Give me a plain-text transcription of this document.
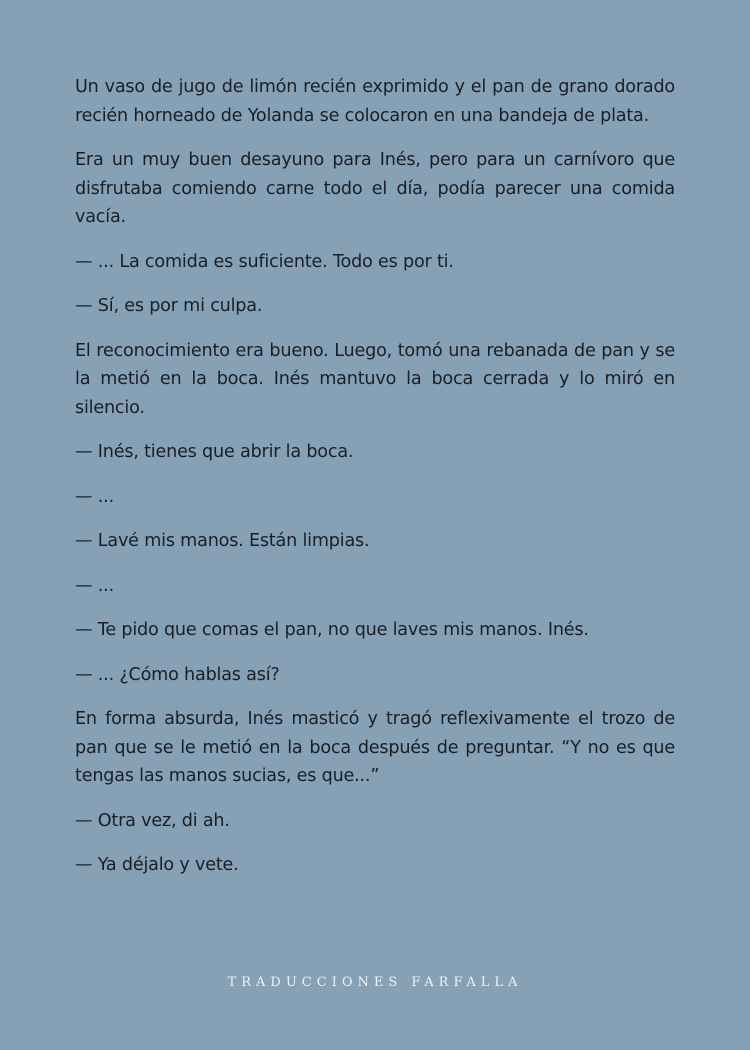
Un vaso de jugo de limón recién exprimido y el pan de grano dorado recién horneado de Yolanda se colocaron en una bandeja de plata.

Era un muy buen desayuno para Inés, pero para un carnívoro que disfrutaba comiendo carne todo el día, podía parecer una comida vacía.

— ... La comida es suficiente. Todo es por ti.

— Sí, es por mi culpa.

El reconocimiento era bueno. Luego, tomó una rebanada de pan y se la metió en la boca. Inés mantuvo la boca cerrada y lo miró en silencio.

— Inés, tienes que abrir la boca.

— ...

— Lavé mis manos. Están limpias.

— ...

— Te pido que comas el pan, no que laves mis manos. Inés.

— ... ¿Cómo hablas así?

En forma absurda, Inés masticó y tragó reflexivamente el trozo de pan que se le metió en la boca después de preguntar. “Y no es que tengas las manos sucias, es que...”

— Otra vez, di ah.

— Ya déjalo y vete.

TRADUCCIONES FARFALLA
